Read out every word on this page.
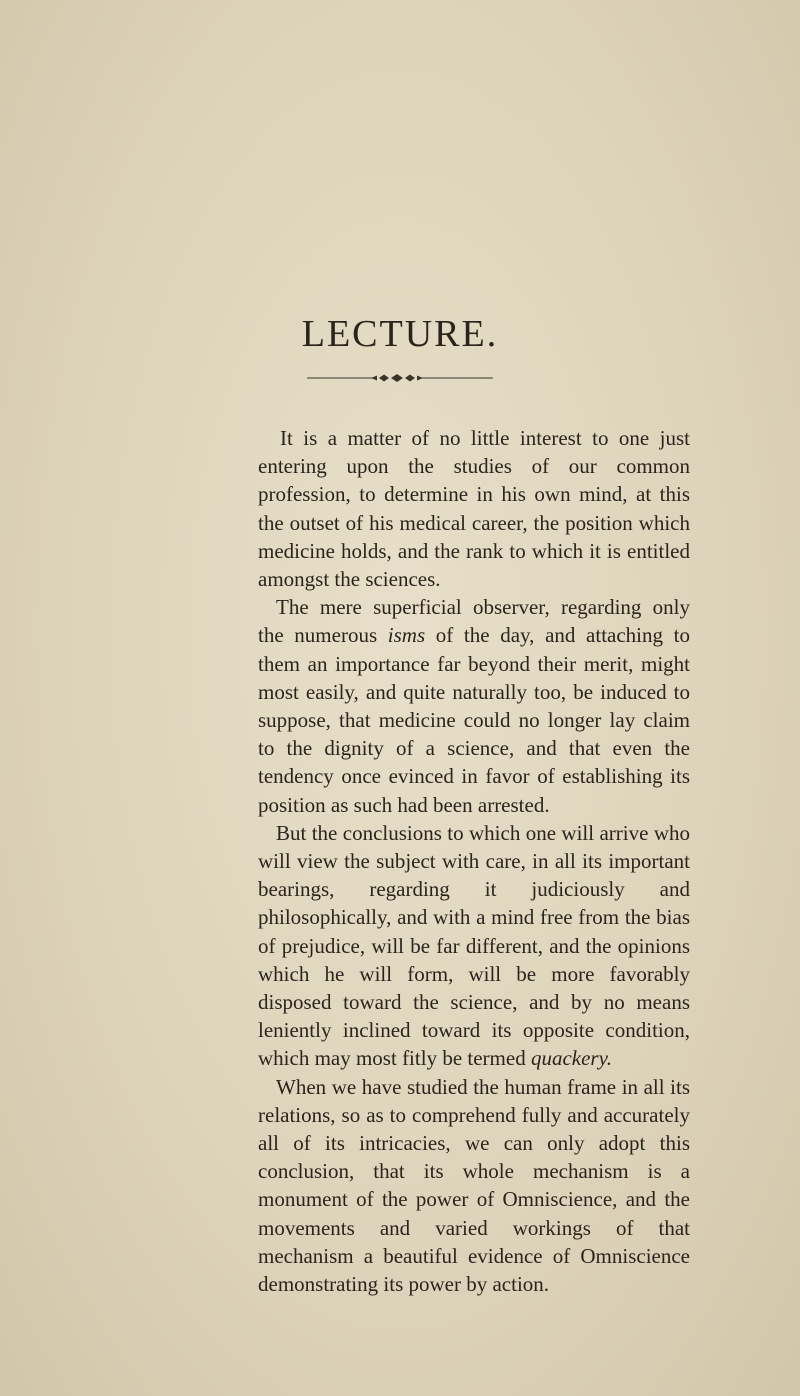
LECTURE.

It is a matter of no little interest to one just entering upon the studies of our common profession, to determine in his own mind, at this the outset of his medical career, the position which medicine holds, and the rank to which it is entitled amongst the sciences.

The mere superficial observer, regarding only the numerous isms of the day, and attaching to them an importance far beyond their merit, might most easily, and quite naturally too, be induced to suppose, that medicine could no longer lay claim to the dignity of a science, and that even the tendency once evinced in favor of establishing its position as such had been arrested.

But the conclusions to which one will arrive who will view the subject with care, in all its important bearings, regarding it judiciously and philosophically, and with a mind free from the bias of prejudice, will be far different, and the opinions which he will form, will be more favorably disposed toward the science, and by no means leniently inclined toward its opposite condition, which may most fitly be termed quackery.

When we have studied the human frame in all its relations, so as to comprehend fully and accurately all of its intricacies, we can only adopt this conclusion, that its whole mechanism is a monument of the power of Omniscience, and the movements and varied workings of that mechanism a beautiful evidence of Omniscience demonstrating its power by action.
